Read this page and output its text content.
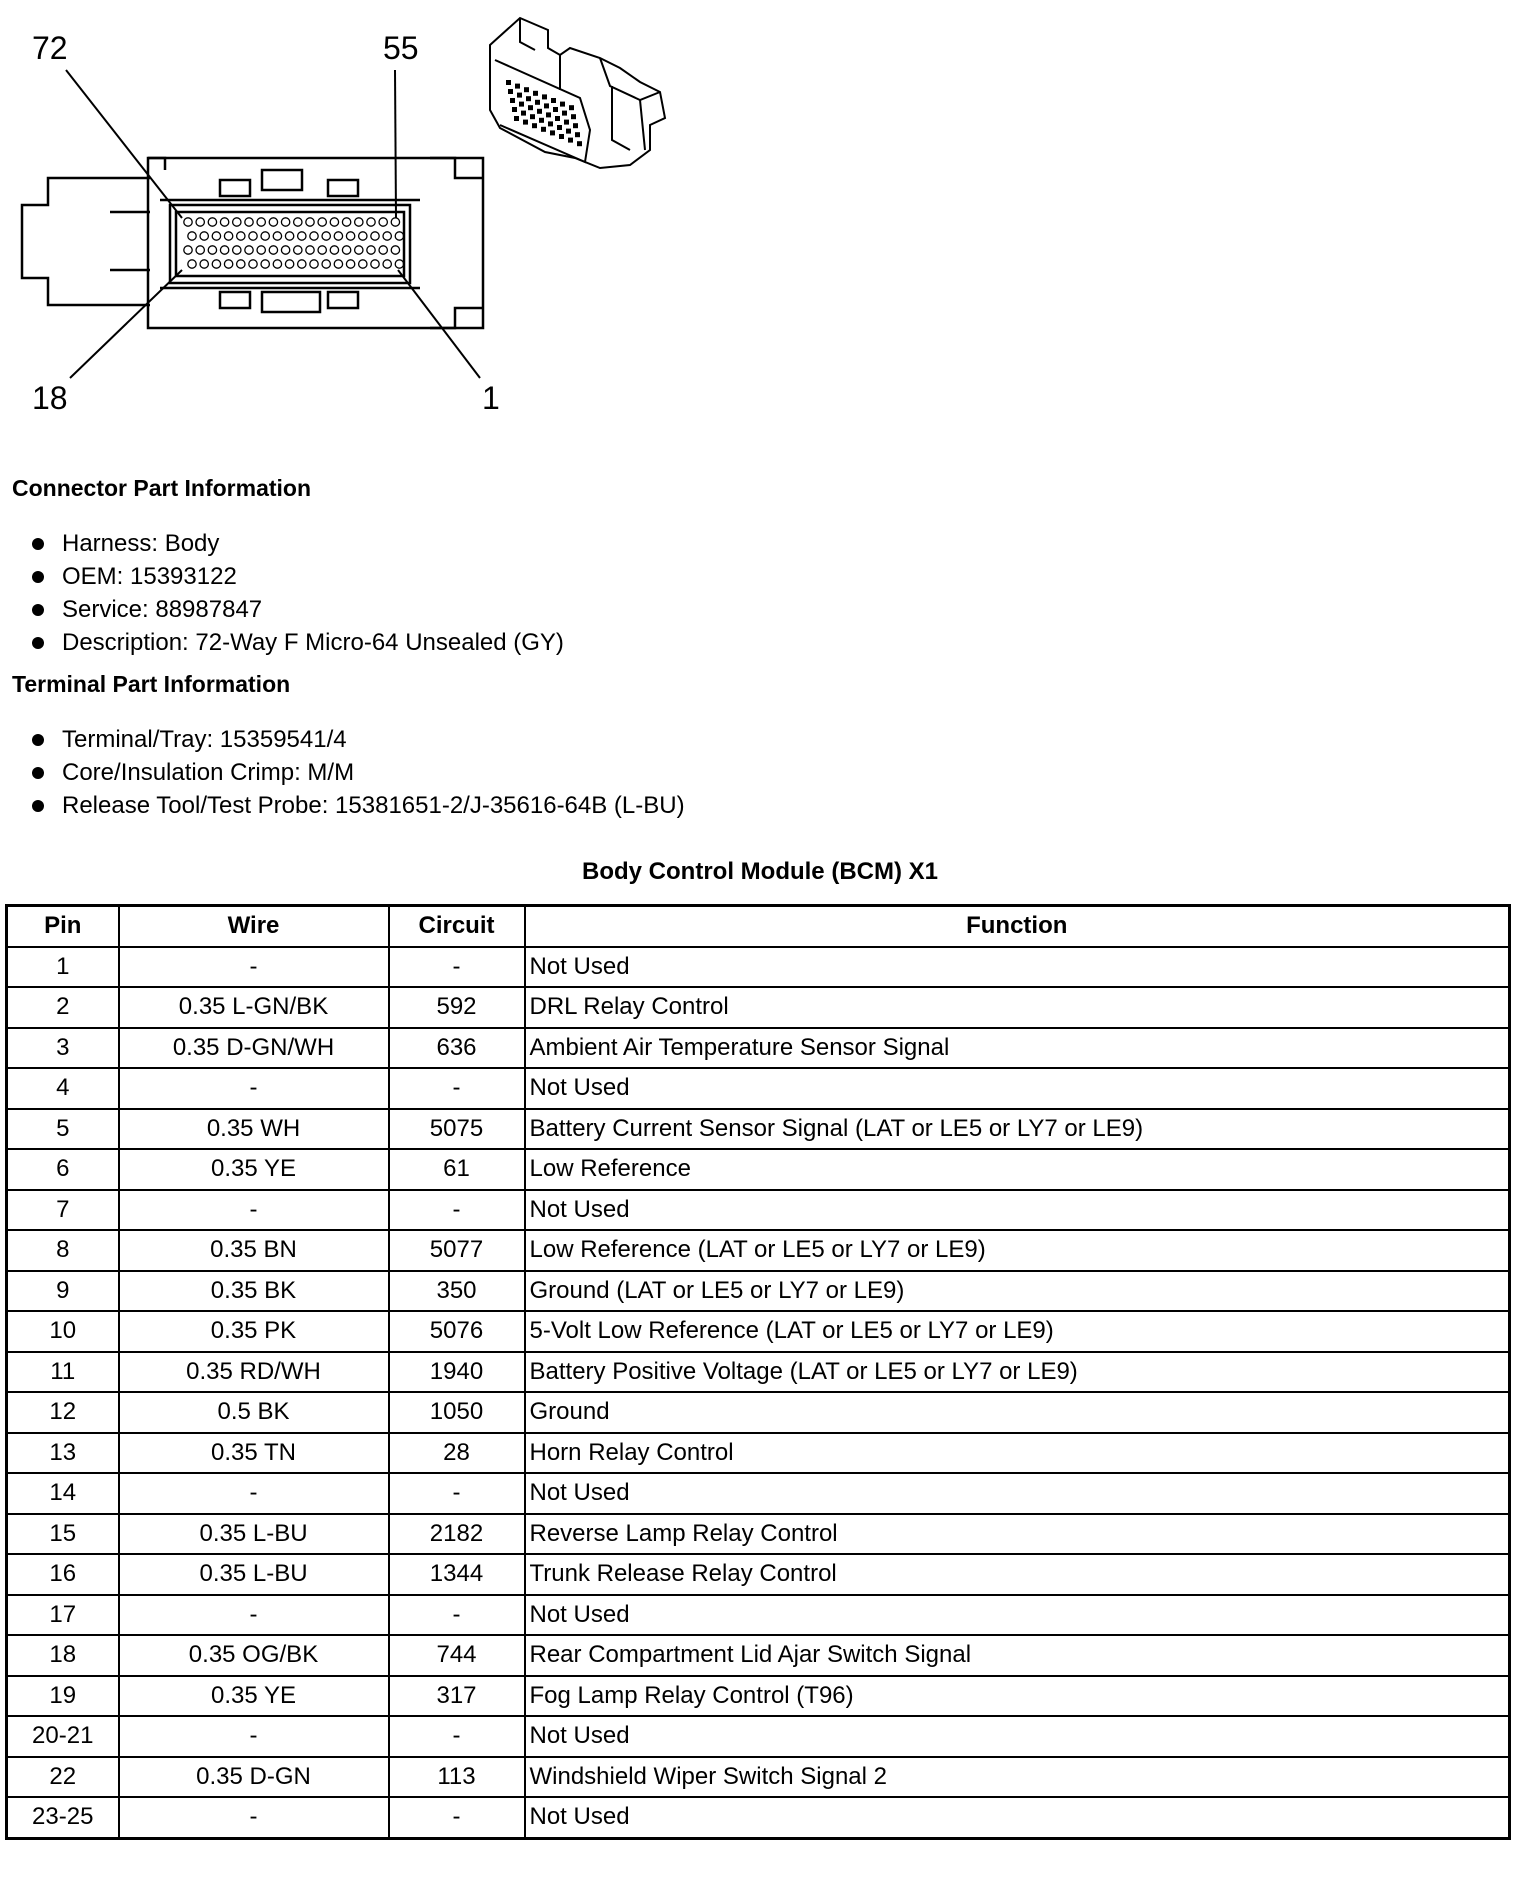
72	55
18	1
Connector Part Information
Harness: Body
OEM: 15393122
Service: 88987847
Description: 72-Way F Micro-64 Unsealed (GY)
Terminal Part Information
Terminal/Tray: 15359541/4
Core/Insulation Crimp: M/M
Release Tool/Test Probe: 15381651-2/J-35616-64B (L-BU)
Body Control Module (BCM) X1
Pin	Wire	Circuit	Function
1	-	-	Not Used
2	0.35 L-GN/BK	592	DRL Relay Control
3	0.35 D-GN/WH	636	Ambient Air Temperature Sensor Signal
4	-	-	Not Used
5	0.35 WH	5075	Battery Current Sensor Signal (LAT or LE5 or LY7 or LE9)
6	0.35 YE	61	Low Reference
7	-	-	Not Used
8	0.35 BN	5077	Low Reference (LAT or LE5 or LY7 or LE9)
9	0.35 BK	350	Ground (LAT or LE5 or LY7 or LE9)
10	0.35 PK	5076	5-Volt Low Reference (LAT or LE5 or LY7 or LE9)
11	0.35 RD/WH	1940	Battery Positive Voltage (LAT or LE5 or LY7 or LE9)
12	0.5 BK	1050	Ground
13	0.35 TN	28	Horn Relay Control
14	-	-	Not Used
15	0.35 L-BU	2182	Reverse Lamp Relay Control
16	0.35 L-BU	1344	Trunk Release Relay Control
17	-	-	Not Used
18	0.35 OG/BK	744	Rear Compartment Lid Ajar Switch Signal
19	0.35 YE	317	Fog Lamp Relay Control (T96)
20-21	-	-	Not Used
22	0.35 D-GN	113	Windshield Wiper Switch Signal 2
23-25	-	-	Not Used
